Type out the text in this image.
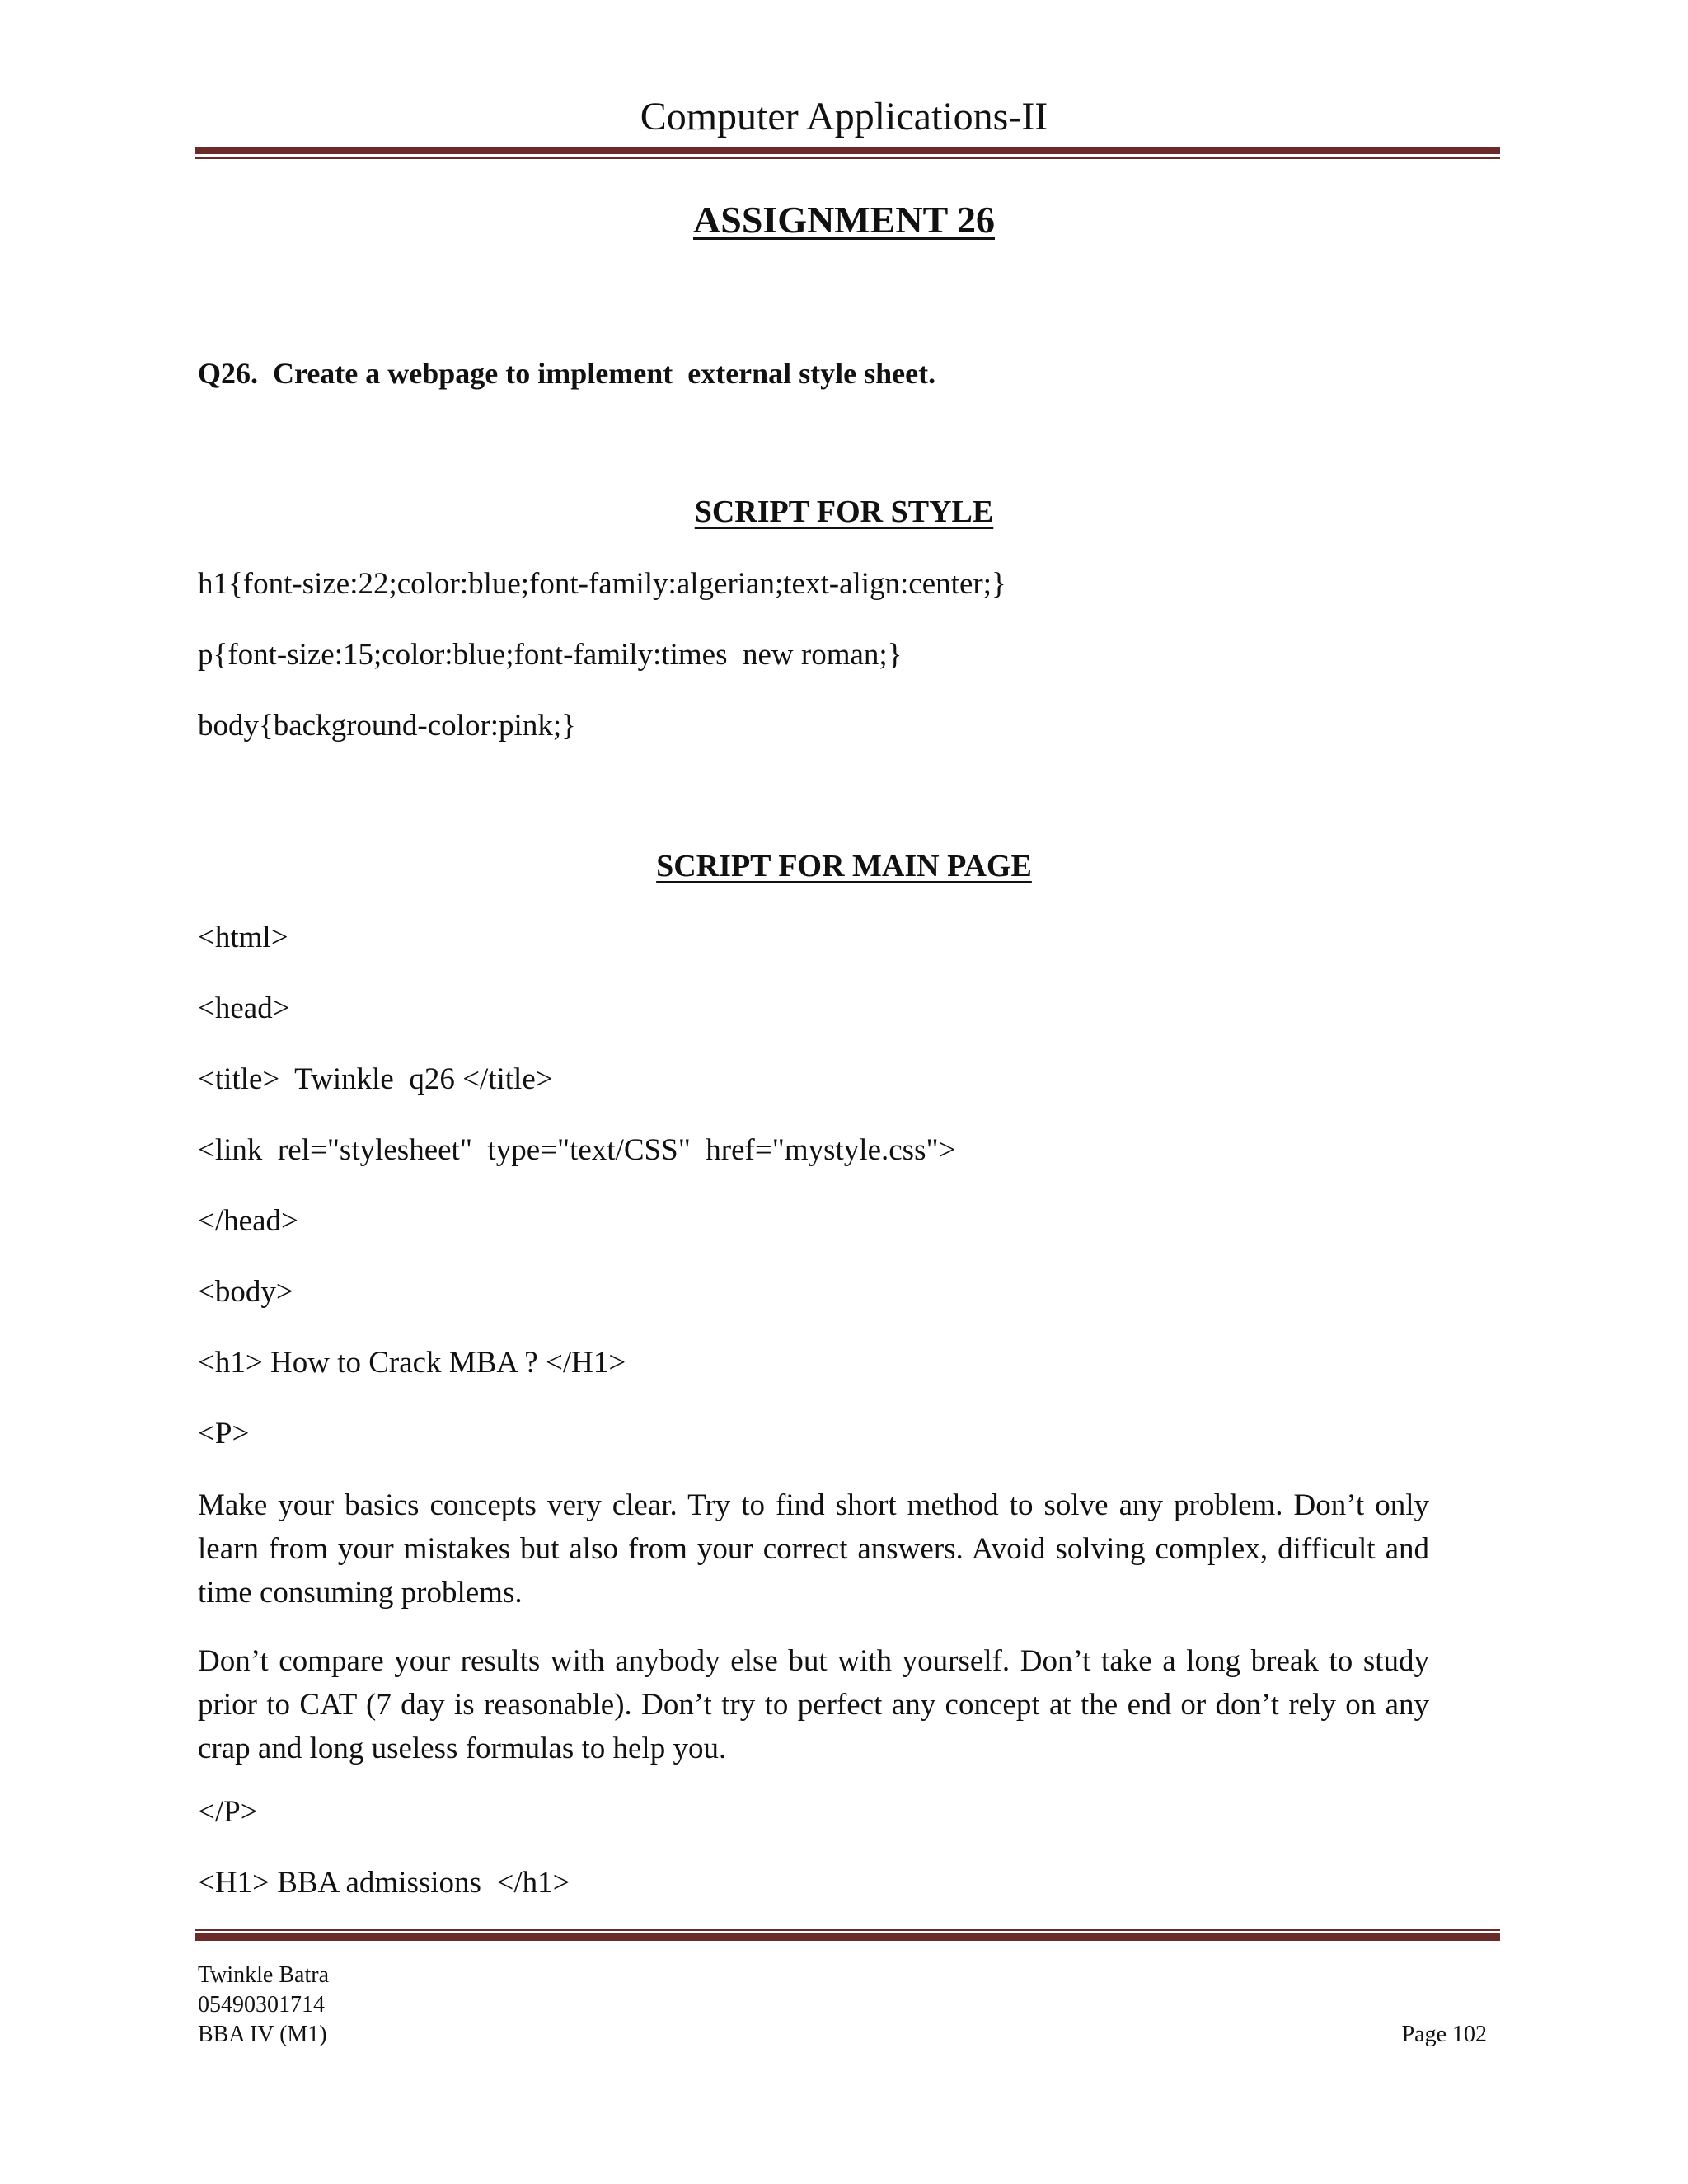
Computer Applications-II
ASSIGNMENT 26
Q26.  Create a webpage to implement  external style sheet.
SCRIPT FOR STYLE
h1{font-size:22;color:blue;font-family:algerian;text-align:center;}
p{font-size:15;color:blue;font-family:times  new roman;}
body{background-color:pink;}
SCRIPT FOR MAIN PAGE
<html>
<head>
<title>  Twinkle  q26 </title>
<link  rel="stylesheet"  type="text/CSS"  href="mystyle.css">
</head>
<body>
<h1> How to Crack MBA ? </H1>
<P>
Make your basics concepts very clear. Try to find short method to solve any problem. Don’t only learn from your mistakes but also from your correct answers. Avoid solving complex, difficult and time consuming problems.
Don’t compare your results with anybody else but with yourself. Don’t take a long break to study prior to CAT (7 day is reasonable). Don’t try to perfect any concept at the end or don’t rely on any crap and long useless formulas to help you.
</P>
<H1> BBA admissions  </h1>
Twinkle Batra
05490301714
BBA IV (M1)	Page 102
